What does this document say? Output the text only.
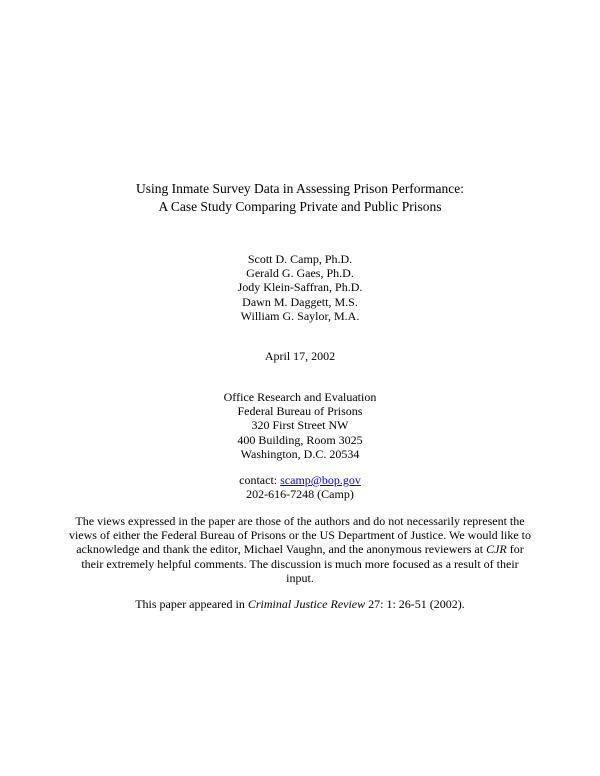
Using Inmate Survey Data in Assessing Prison Performance:
A Case Study Comparing Private and Public Prisons
Scott D. Camp, Ph.D.
Gerald G. Gaes, Ph.D.
Jody Klein-Saffran, Ph.D.
Dawn M. Daggett, M.S.
William G. Saylor, M.A.
April 17, 2002
Office Research and Evaluation
Federal Bureau of Prisons
320 First Street NW
400 Building, Room 3025
Washington, D.C. 20534
contact: scamp@bop.gov
202-616-7248 (Camp)
The views expressed in the paper are those of the authors and do not necessarily represent the views of either the Federal Bureau of Prisons or the US Department of Justice. We would like to acknowledge and thank the editor, Michael Vaughn, and the anonymous reviewers at CJR for their extremely helpful comments. The discussion is much more focused as a result of their input.
This paper appeared in Criminal Justice Review 27: 1: 26-51 (2002).
